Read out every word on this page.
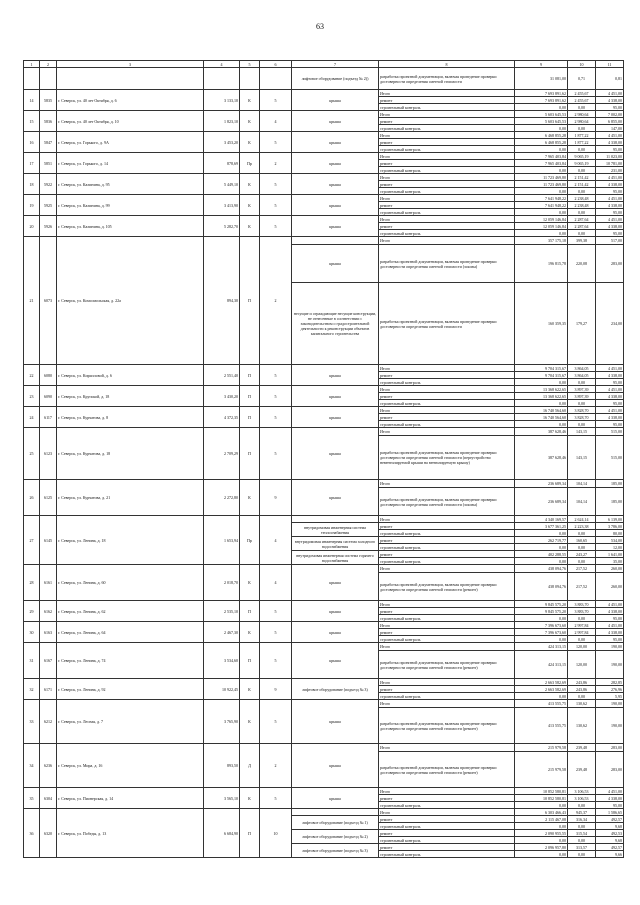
63
1	2	3	4	5	6	7	8	9	10	11
						лифтовое оборудование (подъезд № 2))	разработка проектной документации, включая проведение проверки достоверности определения сметной стоимости	31 081,00	0,71	0,81
14	5835	г. Северск, ул. 40 лет Октября, д. 6	3 133,10	К	5	крыша	Итого	7 693 891,62	2 455,67	4 451,00
							ремонт	7 693 891,62	2 455,67	4 338,00
							строительный контроль	0,00	0,00	95,00
15	5836	г. Северск, ул. 40 лет Октября, д. 10	1 823,10	К	4	крыша	Итого	5 603 645,53	2 980,64	7 002,00
							ремонт	5 603 645,53	2 980,64	6 855,00
							строительный контроль	0,00	0,00	147,00
16	5847	г. Северск, ул. Горького, д. 9А	3 453,20	К	5	крыша	Итого	6 468 855,28	1 877,22	4 451,00
							ремонт	6 468 855,28	1 877,22	4 338,00
							строительный контроль	0,00	0,00	95,00
17	5851	г. Северск, ул. Горького, д. 14	878,69	Пр	2	крыша	Итого	7 965 403,84	9 065,19	11 023,00
							ремонт	7 965 403,84	9 065,19	10 781,00
							строительный контроль	0,00	0,00	231,00
18	5922	г. Северск, ул. Калинина, д. 95	5 449,10	К	5	крыша	Итого	11 723 469,80	2 151,42	4 451,00
							ремонт	11 723 469,80	2 151,42	4 338,00
							строительный контроль	0,00	0,00	95,00
19	5925	г. Северск, ул. Калинина, д. 99	3 413,90	К	5	крыша	Итого	7 641 948,22	2 238,48	4 451,00
							ремонт	7 641 948,22	2 238,48	4 338,00
							строительный контроль	0,00	0,00	95,00
20	5926	г. Северск, ул. Калинина, д. 105	5 282,70	К	5	крыша	Итого	12 059 146,84	2 287,64	4 451,00
							ремонт	12 059 146,84	2 287,64	4 338,00
							строительный контроль	0,00	0,00	95,00
21	6073	г. Северск, ул. Комсомольская, д. 22а	894,30	П	2		Итого	357 175,18	399,38	517,00
						крыша	разработка проектной документации, включая проведение проверки достоверности определения сметной стоимости (эскизы)	196 815,78	220,08	283,00
						несущие и ограждающие несущие конструкции, не отнесенные в соответствии с законодательством о градостроительной деятельности к реконструкции объектов капитального строительства	разработка проектной документации, включая проведение проверки достоверности определения сметной стоимости	160 359,35	179,27	234,00
22	6080	г. Северск, ул. Кирилловой, д. 6	2 551,40	П	5	крыша	Итого	9 704 315,67	3 864,05	4 451,00
							ремонт	9 704 315,67	3 864,05	4 338,00
							строительный контроль	0,00	0,00	95,00
23	6090	г. Северск, ул. Крупской, д. 18	3 430,20	П	5	крыша	Итого	13 368 622,65	3 897,39	4 451,00
							ремонт	13 368 622,65	3 897,39	4 338,00
							строительный контроль	0,00	0,00	95,00
24	6117	г. Северск, ул. Курчатова, д. 8	4 372,35	П	5	крыша	Итого	16 740 564,60	3 828,70	4 451,00
							ремонт	16 740 564,60	3 828,70	4 338,00
							строительный контроль	0,00	0,00	95,00
25	6123	г. Северск, ул. Курчатова, д. 18	2 709,29	П	5	крыша	Итого	387 628,46	143,15	515,00
							разработка проектной документации, включая проведение проверки достоверности определения сметной стоимости (переустройство невентилируемой крыши на вентилируемую крышу)	387 628,46	143,15	515,00
26	6125	г. Северск, ул. Курчатова, д. 21	2 272,80	К	9	крыша	Итого	236 689,34	104,14	185,00
							разработка проектной документации, включая проведение проверки достоверности определения сметной стоимости (эскизы)	236 689,34	104,14	185,00
27	6145	г. Северск, ул. Ленина, д. 18	1 653,94	Пр	4		Итого	4 340 169,57	2 624,14	6 139,00
						внутридомовая инженерная система теплоснабжения	ремонт	3 677 361,25	2 223,38	3 786,00
							строительный контроль	0,00	0,00	80,00
						внутридомовая инженерная система холодного водоснабжения	ремонт	262 719,77	160,65	534,00
							строительный контроль	0,00	0,00	12,00
						внутридомовая инженерная система горячего водоснабжения	ремонт	402 288,55	243,27	1 641,00
							строительный контроль	0,00	0,00	35,00
28	6161	г. Северск, ул. Ленина, д. 60	2 018,70	К	4	крыша	Итого	438 094,76	217,52	260,00
							разработка проектной документации, включая проведение проверки достоверности определения сметной стоимости (ремонт)	438 094,76	217,52	260,00
29	6162	г. Северск, ул. Ленина, д. 62	2 535,10	П	5	крыша	Итого	9 845 575,20	3 883,70	4 451,00
							ремонт	9 845 575,20	3 883,70	4 338,00
							строительный контроль	0,00	0,00	95,00
30	6163	г. Северск, ул. Ленина, д. 64	2 467,30	К	5	крыша	Итого	7 396 673,60	2 997,84	4 451,00
							ремонт	7 396 673,60	2 997,84	4 338,00
							строительный контроль	0,00	0,00	95,00
31	6167	г. Северск, ул. Ленина, д. 74	3 534,60	П	5	крыша	Итого	424 313,15	120,00	190,00
							разработка проектной документации, включая проведение проверки достоверности определения сметной стоимости (ремонт)	424 313,15	120,00	190,00
32	6171	г. Северск, ул. Ленина, д. 92	10 922,45	К	9	лифтовое оборудование (подъезд № 3)	Итого	2 663 582,69	243,86	282,85
							ремонт	2 663 582,69	243,86	276,96
							строительный контроль	0,00	0,00	5,95
33	6212	г. Северск, ул. Лесная, д. 7	3 765,90	К	5	крыша	Итого	413 555,75	130,62	190,00
							разработка проектной документации, включая проведение проверки достоверности определения сметной стоимости (ремонт)	413 555,75	130,62	190,00
34	6236	г. Северск, ул. Мира, д. 16	893,50	Д	2	крыша	Итого	215 979,58	239,48	283,00
							разработка проектной документации, включая проведение проверки достоверности определения сметной стоимости (ремонт)	215 979,58	239,48	283,00
35	6304	г. Северск, ул. Пионерская, д. 14	3 565,10	К	5	крыша	Итого	10 852 580,81	3 106,53	4 451,00
							ремонт	10 852 580,81	3 106,53	4 338,00
							строительный контроль	0,00	0,00	95,00
36	6320	г. Северск, ул. Победы, д. 13	6 684,90	П	10		Итого	6 303 466,43	945,37	1 586,65
						лифтовое оборудование (подъезд № 1)	ремонт	2 115 467,08	316,34	492,57
							строительный контроль	0,00	0,00	9,68
						лифтовое оборудование (подъезд № 2)	ремонт	2 090 955,55	315,54	492,53
							строительный контроль	0,00	0,00	9,68
						лифтовое оборудование (подъезд № 3)	ремонт	2 096 957,80	313,57	492,57
							строительный контроль	0,00	0,00	9,66
